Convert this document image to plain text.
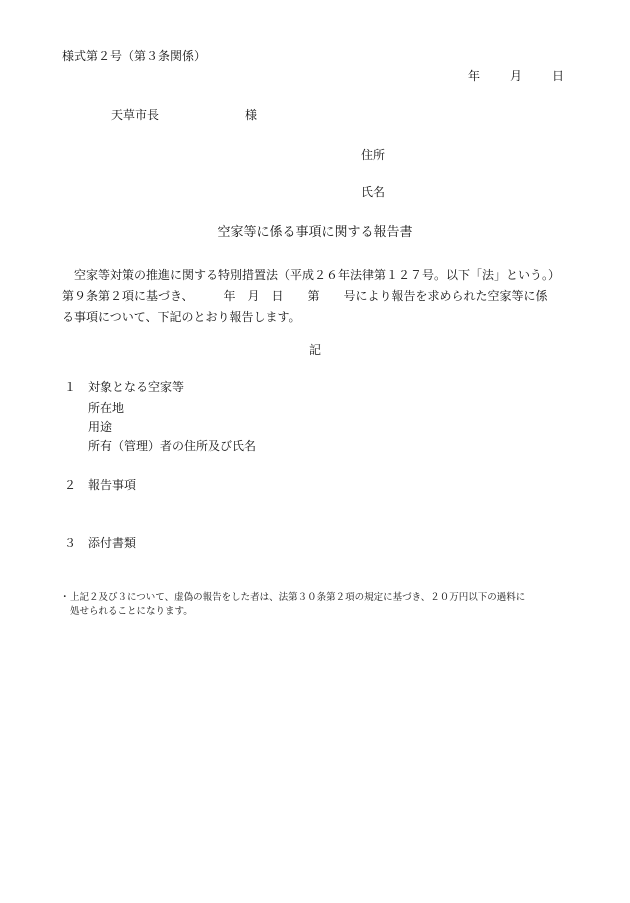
様式第２号（第３条関係）
年	月	日
天草市長	様
住所
氏名
空家等に係る事項に関する報告書

　空家等対策の推進に関する特別措置法（平成２６年法律第１２７号。以下「法」という。）

第９条第２項に基づき、　　　年　月　日　　第　　号により報告を求められた空家等に係

る事項について、下記のとおり報告します。

記
１ 対象となる空家等
所在地
用途
所有（管理）者の住所及び氏名
２ 報告事項
３ 添付書類
・ 上記２及び３について、虚偽の報告をした者は、法第３０条第２項の規定に基づき、２０万円以下の過料に

処せられることになります。
